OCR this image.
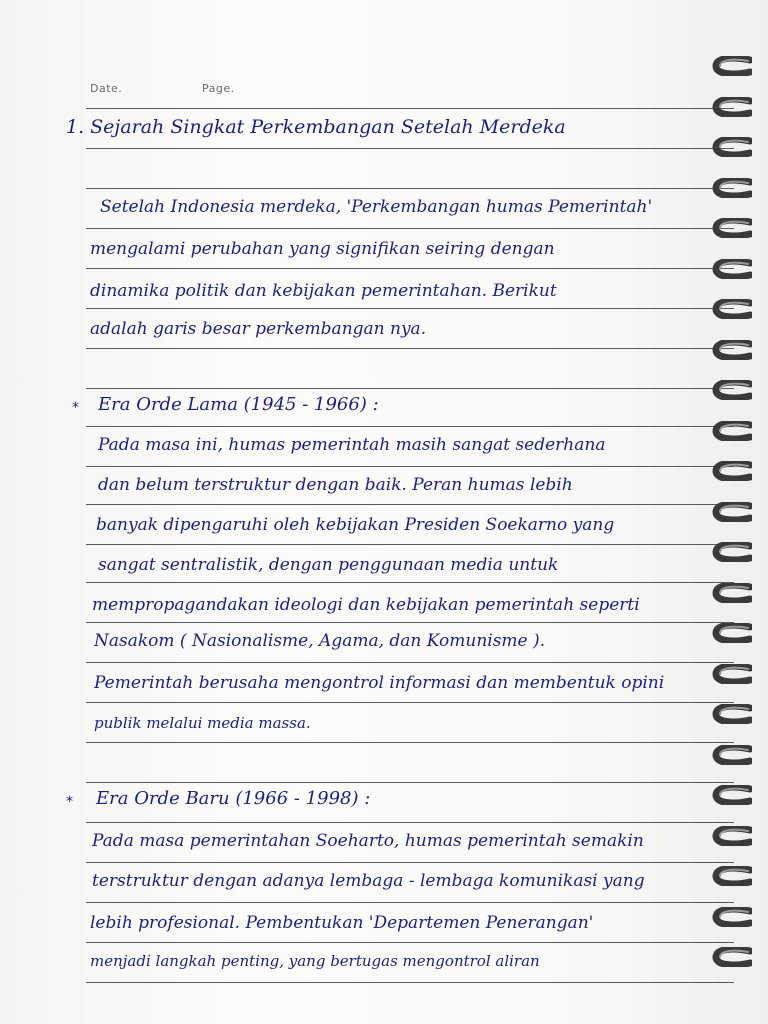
Date.	Page.
1. Sejarah Singkat Perkembangan Setelah Merdeka
Setelah Indonesia merdeka, 'Perkembangan humas Pemerintah'
mengalami perubahan yang signifikan seiring dengan
dinamika politik dan kebijakan pemerintahan. Berikut
adalah garis besar perkembangan nya.
* Era Orde Lama (1945 - 1966) :
Pada masa ini, humas pemerintah masih sangat sederhana
dan belum terstruktur dengan baik. Peran humas lebih
banyak dipengaruhi oleh kebijakan Presiden Soekarno yang
sangat sentralistik, dengan penggunaan media untuk
mempropagandakan ideologi dan kebijakan pemerintah seperti
Nasakom ( Nasionalisme, Agama, dan Komunisme ).
Pemerintah berusaha mengontrol informasi dan membentuk opini
publik melalui media massa.
* Era Orde Baru (1966 - 1998) :
Pada masa pemerintahan Soeharto, humas pemerintah semakin
terstruktur dengan adanya lembaga - lembaga komunikasi yang
lebih profesional. Pembentukan 'Departemen Penerangan'
menjadi langkah penting, yang bertugas mengontrol aliran
